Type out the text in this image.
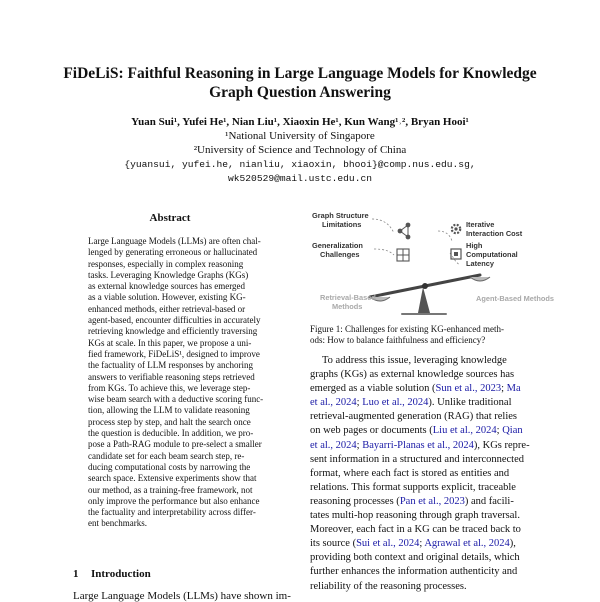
FiDeLiS: Faithful Reasoning in Large Language Models for Knowledge
Graph Question Answering
Yuan Sui¹, Yufei He¹, Nian Liu¹, Xiaoxin He¹, Kun Wang¹˒², Bryan Hooi¹
¹National University of Singapore
²University of Science and Technology of China
{yuansui, yufei.he, nianliu, xiaoxin, bhooi}@comp.nus.edu.sg,
wk520529@mail.ustc.edu.cn
Abstract
Large Language Models (LLMs) are often chal-
lenged by generating erroneous or hallucinated
responses, especially in complex reasoning
tasks. Leveraging Knowledge Graphs (KGs)
as external knowledge sources has emerged
as a viable solution. However, existing KG-
enhanced methods, either retrieval-based or
agent-based, encounter difficulties in accurately
retrieving knowledge and efficiently traversing
KGs at scale. In this paper, we propose a uni-
fied framework, FiDeLiS¹, designed to improve
the factuality of LLM responses by anchoring
answers to verifiable reasoning steps retrieved
from KGs. To achieve this, we leverage step-
wise beam search with a deductive scoring func-
tion, allowing the LLM to validate reasoning
process step by step, and halt the search once
the question is deducible. In addition, we pro-
pose a Path-RAG module to pre-select a smaller
candidate set for each beam search step, re-
ducing computational costs by narrowing the
search space. Extensive experiments show that
our method, as a training-free framework, not
only improve the performance but also enhance
the factuality and interpretability across differ-
ent benchmarks.
1 Introduction
Large Language Models (LLMs) have shown im-
Graph Structure
Limitations
Generalization
Challenges
Iterative
Interaction Cost
High
Computational
Latency
Retrieval-Based
Methods
Agent-Based Methods
Figure 1: Challenges for existing KG-enhanced meth-
ods: How to balance faithfulness and efficiency?
To address this issue, leveraging knowledge
graphs (KGs) as external knowledge sources has
emerged as a viable solution (Sun et al., 2023; Ma
et al., 2024; Luo et al., 2024). Unlike traditional
retrieval-augmented generation (RAG) that relies
on web pages or documents (Liu et al., 2024; Qian
et al., 2024; Bayarri-Planas et al., 2024), KGs repre-
sent information in a structured and interconnected
format, where each fact is stored as entities and
relations. This format supports explicit, traceable
reasoning processes (Pan et al., 2023) and facili-
tates multi-hop reasoning through graph traversal.
Moreover, each fact in a KG can be traced back to
its source (Sui et al., 2024; Agrawal et al., 2024),
providing both context and original details, which
further enhances the information authenticity and
reliability of the reasoning processes.
